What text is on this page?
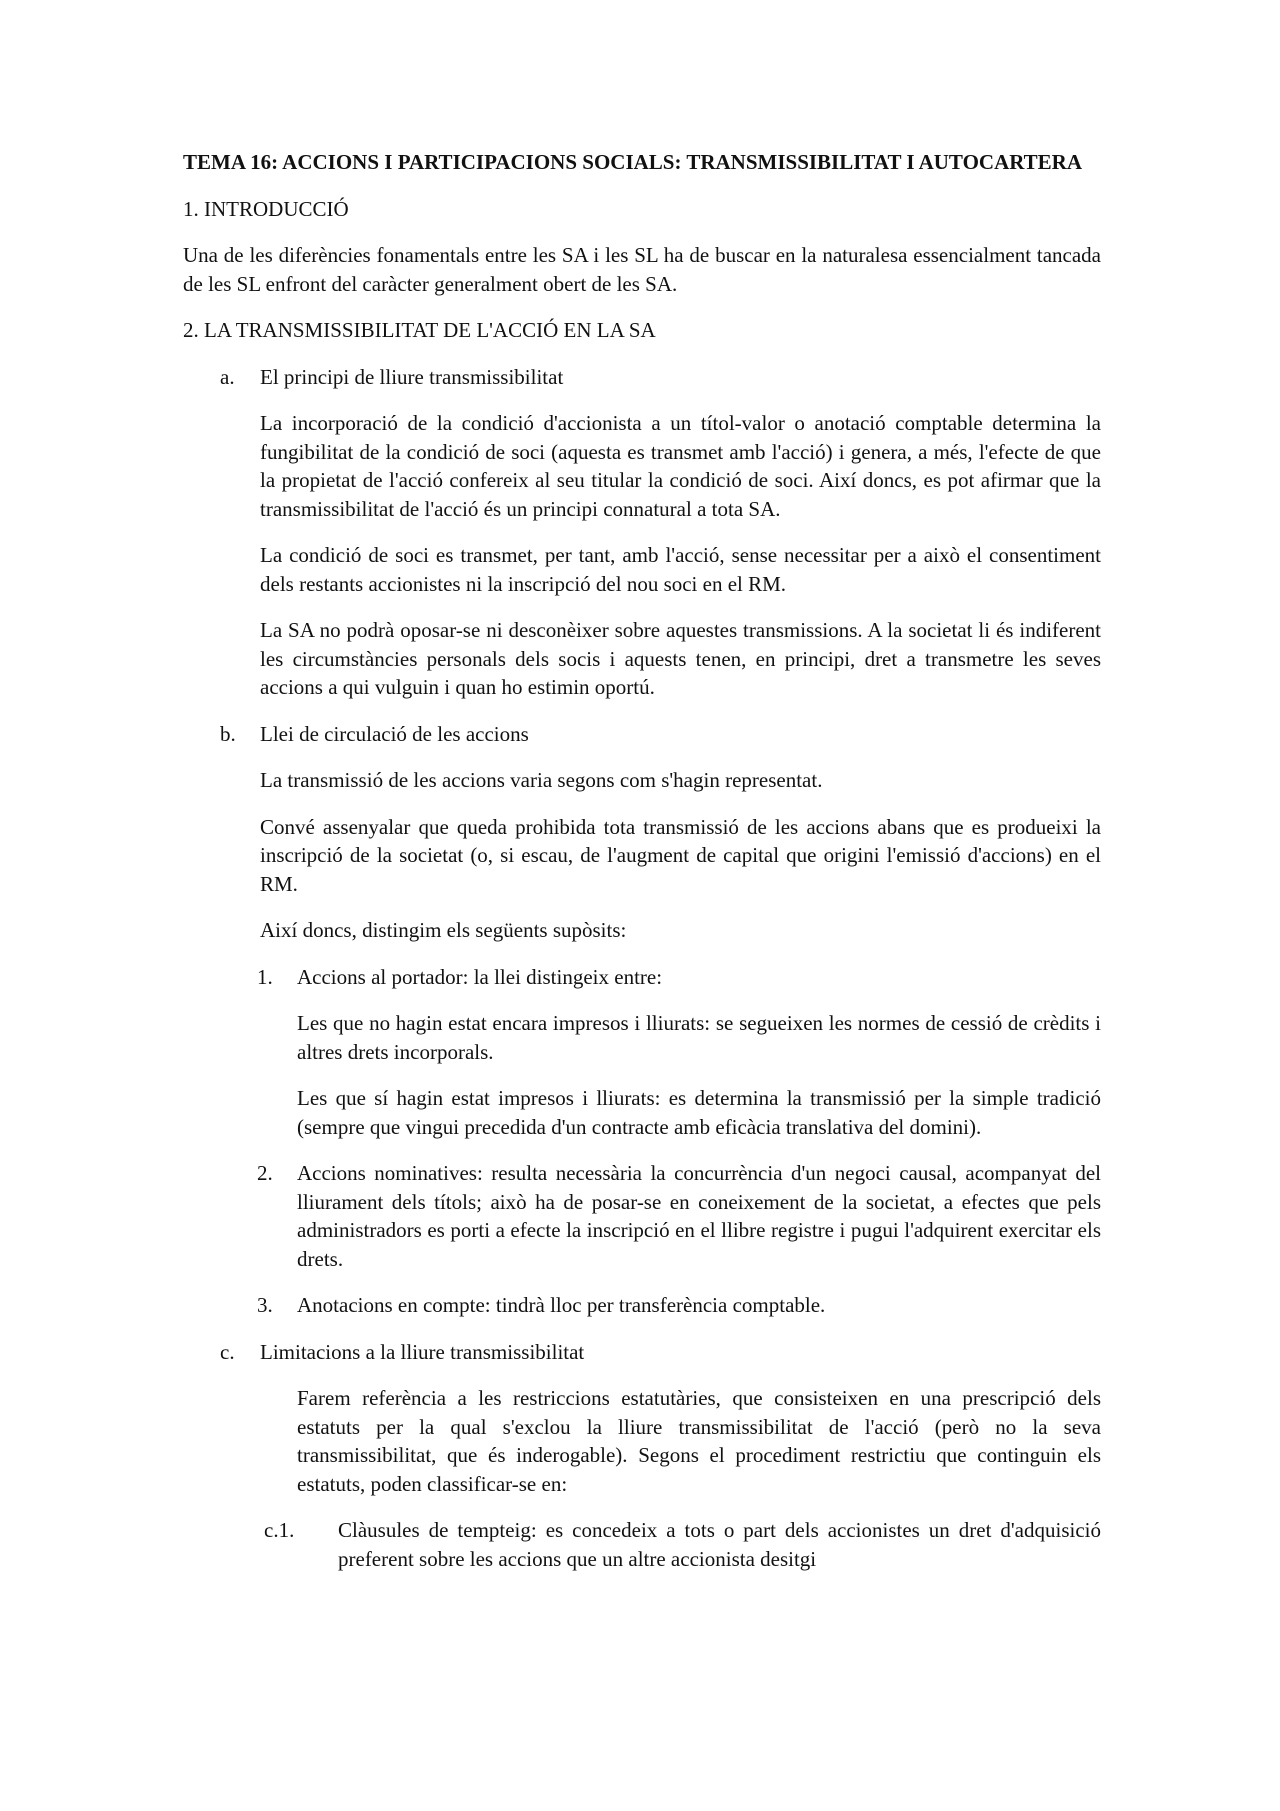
TEMA 16: ACCIONS I PARTICIPACIONS SOCIALS: TRANSMISSIBILITAT I AUTOCARTERA

1. INTRODUCCIÓ

Una de les diferències fonamentals entre les SA i les SL ha de buscar en la naturalesa essencialment tancada de les SL enfront del caràcter generalment obert de les SA.

2. LA TRANSMISSIBILITAT DE L'ACCIÓ EN LA SA

a. El principi de lliure transmissibilitat

La incorporació de la condició d'accionista a un títol-valor o anotació comptable determina la fungibilitat de la condició de soci (aquesta es transmet amb l'acció) i genera, a més, l'efecte de que la propietat de l'acció confereix al seu titular la condició de soci. Així doncs, es pot afirmar que la transmissibilitat de l'acció és un principi connatural a tota SA.

La condició de soci es transmet, per tant, amb l'acció, sense necessitar per a això el consentiment dels restants accionistes ni la inscripció del nou soci en el RM.

La SA no podrà oposar-se ni desconèixer sobre aquestes transmissions. A la societat li és indiferent les circumstàncies personals dels socis i aquests tenen, en principi, dret a transmetre les seves accions a qui vulguin i quan ho estimin oportú.

b. Llei de circulació de les accions

La transmissió de les accions varia segons com s'hagin representat.

Convé assenyalar que queda prohibida tota transmissió de les accions abans que es produeixi la inscripció de la societat (o, si escau, de l'augment de capital que origini l'emissió d'accions) en el RM.

Així doncs, distingim els següents supòsits:

1. Accions al portador: la llei distingeix entre:

Les que no hagin estat encara impresos i lliurats: se segueixen les normes de cessió de crèdits i altres drets incorporals.

Les que sí hagin estat impresos i lliurats: es determina la transmissió per la simple tradició (sempre que vingui precedida d'un contracte amb eficàcia translativa del domini).

2. Accions nominatives: resulta necessària la concurrència d'un negoci causal, acompanyat del lliurament dels títols; això ha de posar-se en coneixement de la societat, a efectes que pels administradors es porti a efecte la inscripció en el llibre registre i pugui l'adquirent exercitar els drets.

3. Anotacions en compte: tindrà lloc per transferència comptable.
c. Limitacions a la lliure transmissibilitat

Farem referència a les restriccions estatutàries, que consisteixen en una prescripció dels estatuts per la qual s'exclou la lliure transmissibilitat de l'acció (però no la seva transmissibilitat, que és inderogable). Segons el procediment restrictiu que continguin els estatuts, poden classificar-se en:

c.1.	Clàusules de tempteig: es concedeix a tots o part dels accionistes un dret d'adquisició preferent sobre les accions que un altre accionista desitgi
